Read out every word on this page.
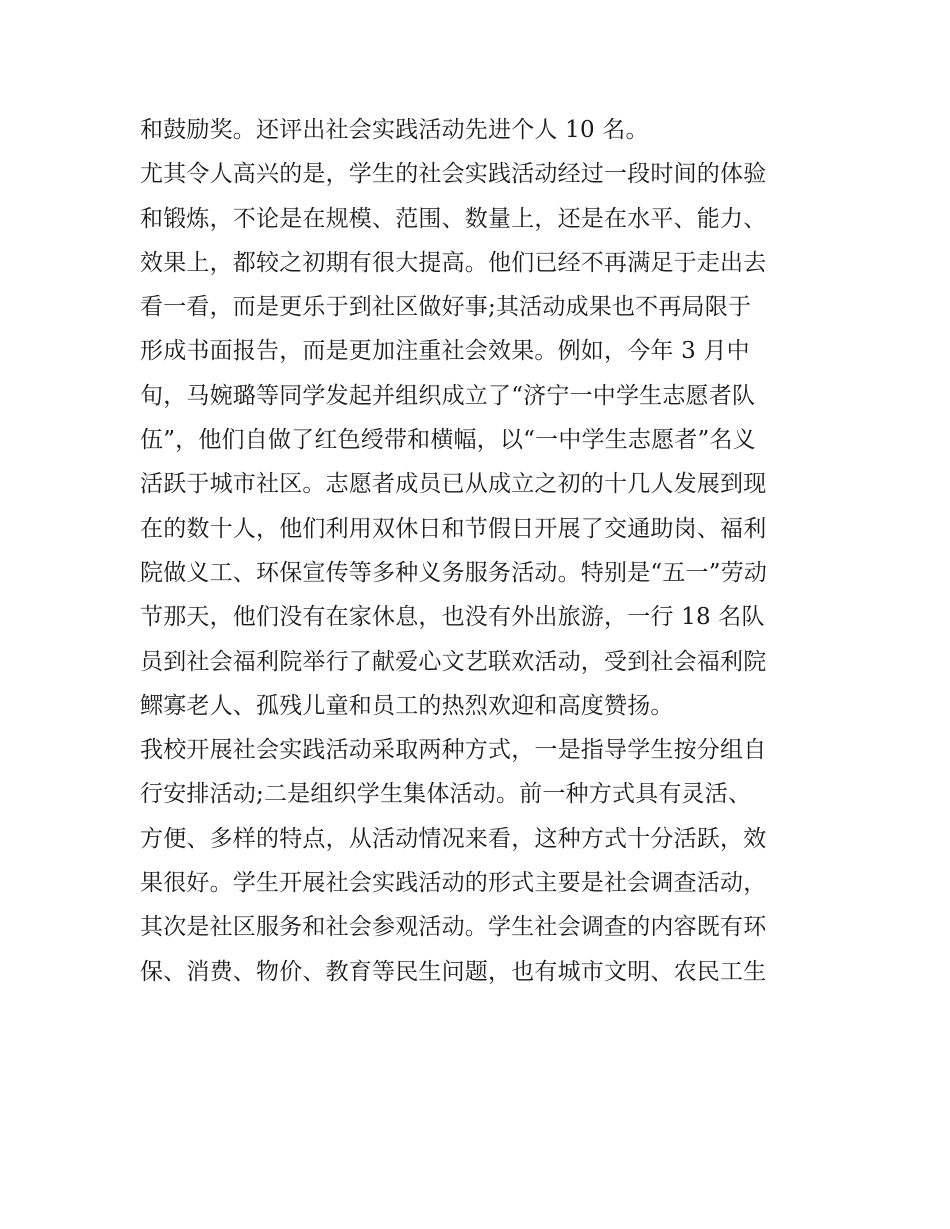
和鼓励奖。还评出社会实践活动先进个人 10 名。
尤其令人高兴的是，学生的社会实践活动经过一段时间的体验
和锻炼，不论是在规模、范围、数量上，还是在水平、能力、
效果上，都较之初期有很大提高。他们已经不再满足于走出去
看一看，而是更乐于到社区做好事;其活动成果也不再局限于
形成书面报告，而是更加注重社会效果。例如，今年 3 月中
旬，马婉璐等同学发起并组织成立了“济宁一中学生志愿者队
伍”，他们自做了红色绶带和横幅，以“一中学生志愿者”名义
活跃于城市社区。志愿者成员已从成立之初的十几人发展到现
在的数十人，他们利用双休日和节假日开展了交通助岗、福利
院做义工、环保宣传等多种义务服务活动。特别是“五一”劳动
节那天，他们没有在家休息，也没有外出旅游，一行 18 名队
员到社会福利院举行了献爱心文艺联欢活动，受到社会福利院
鳏寡老人、孤残儿童和员工的热烈欢迎和高度赞扬。
我校开展社会实践活动采取两种方式，一是指导学生按分组自
行安排活动;二是组织学生集体活动。前一种方式具有灵活、
方便、多样的特点，从活动情况来看，这种方式十分活跃，效
果很好。学生开展社会实践活动的形式主要是社会调查活动，
其次是社区服务和社会参观活动。学生社会调查的内容既有环
保、消费、物价、教育等民生问题，也有城市文明、农民工生
